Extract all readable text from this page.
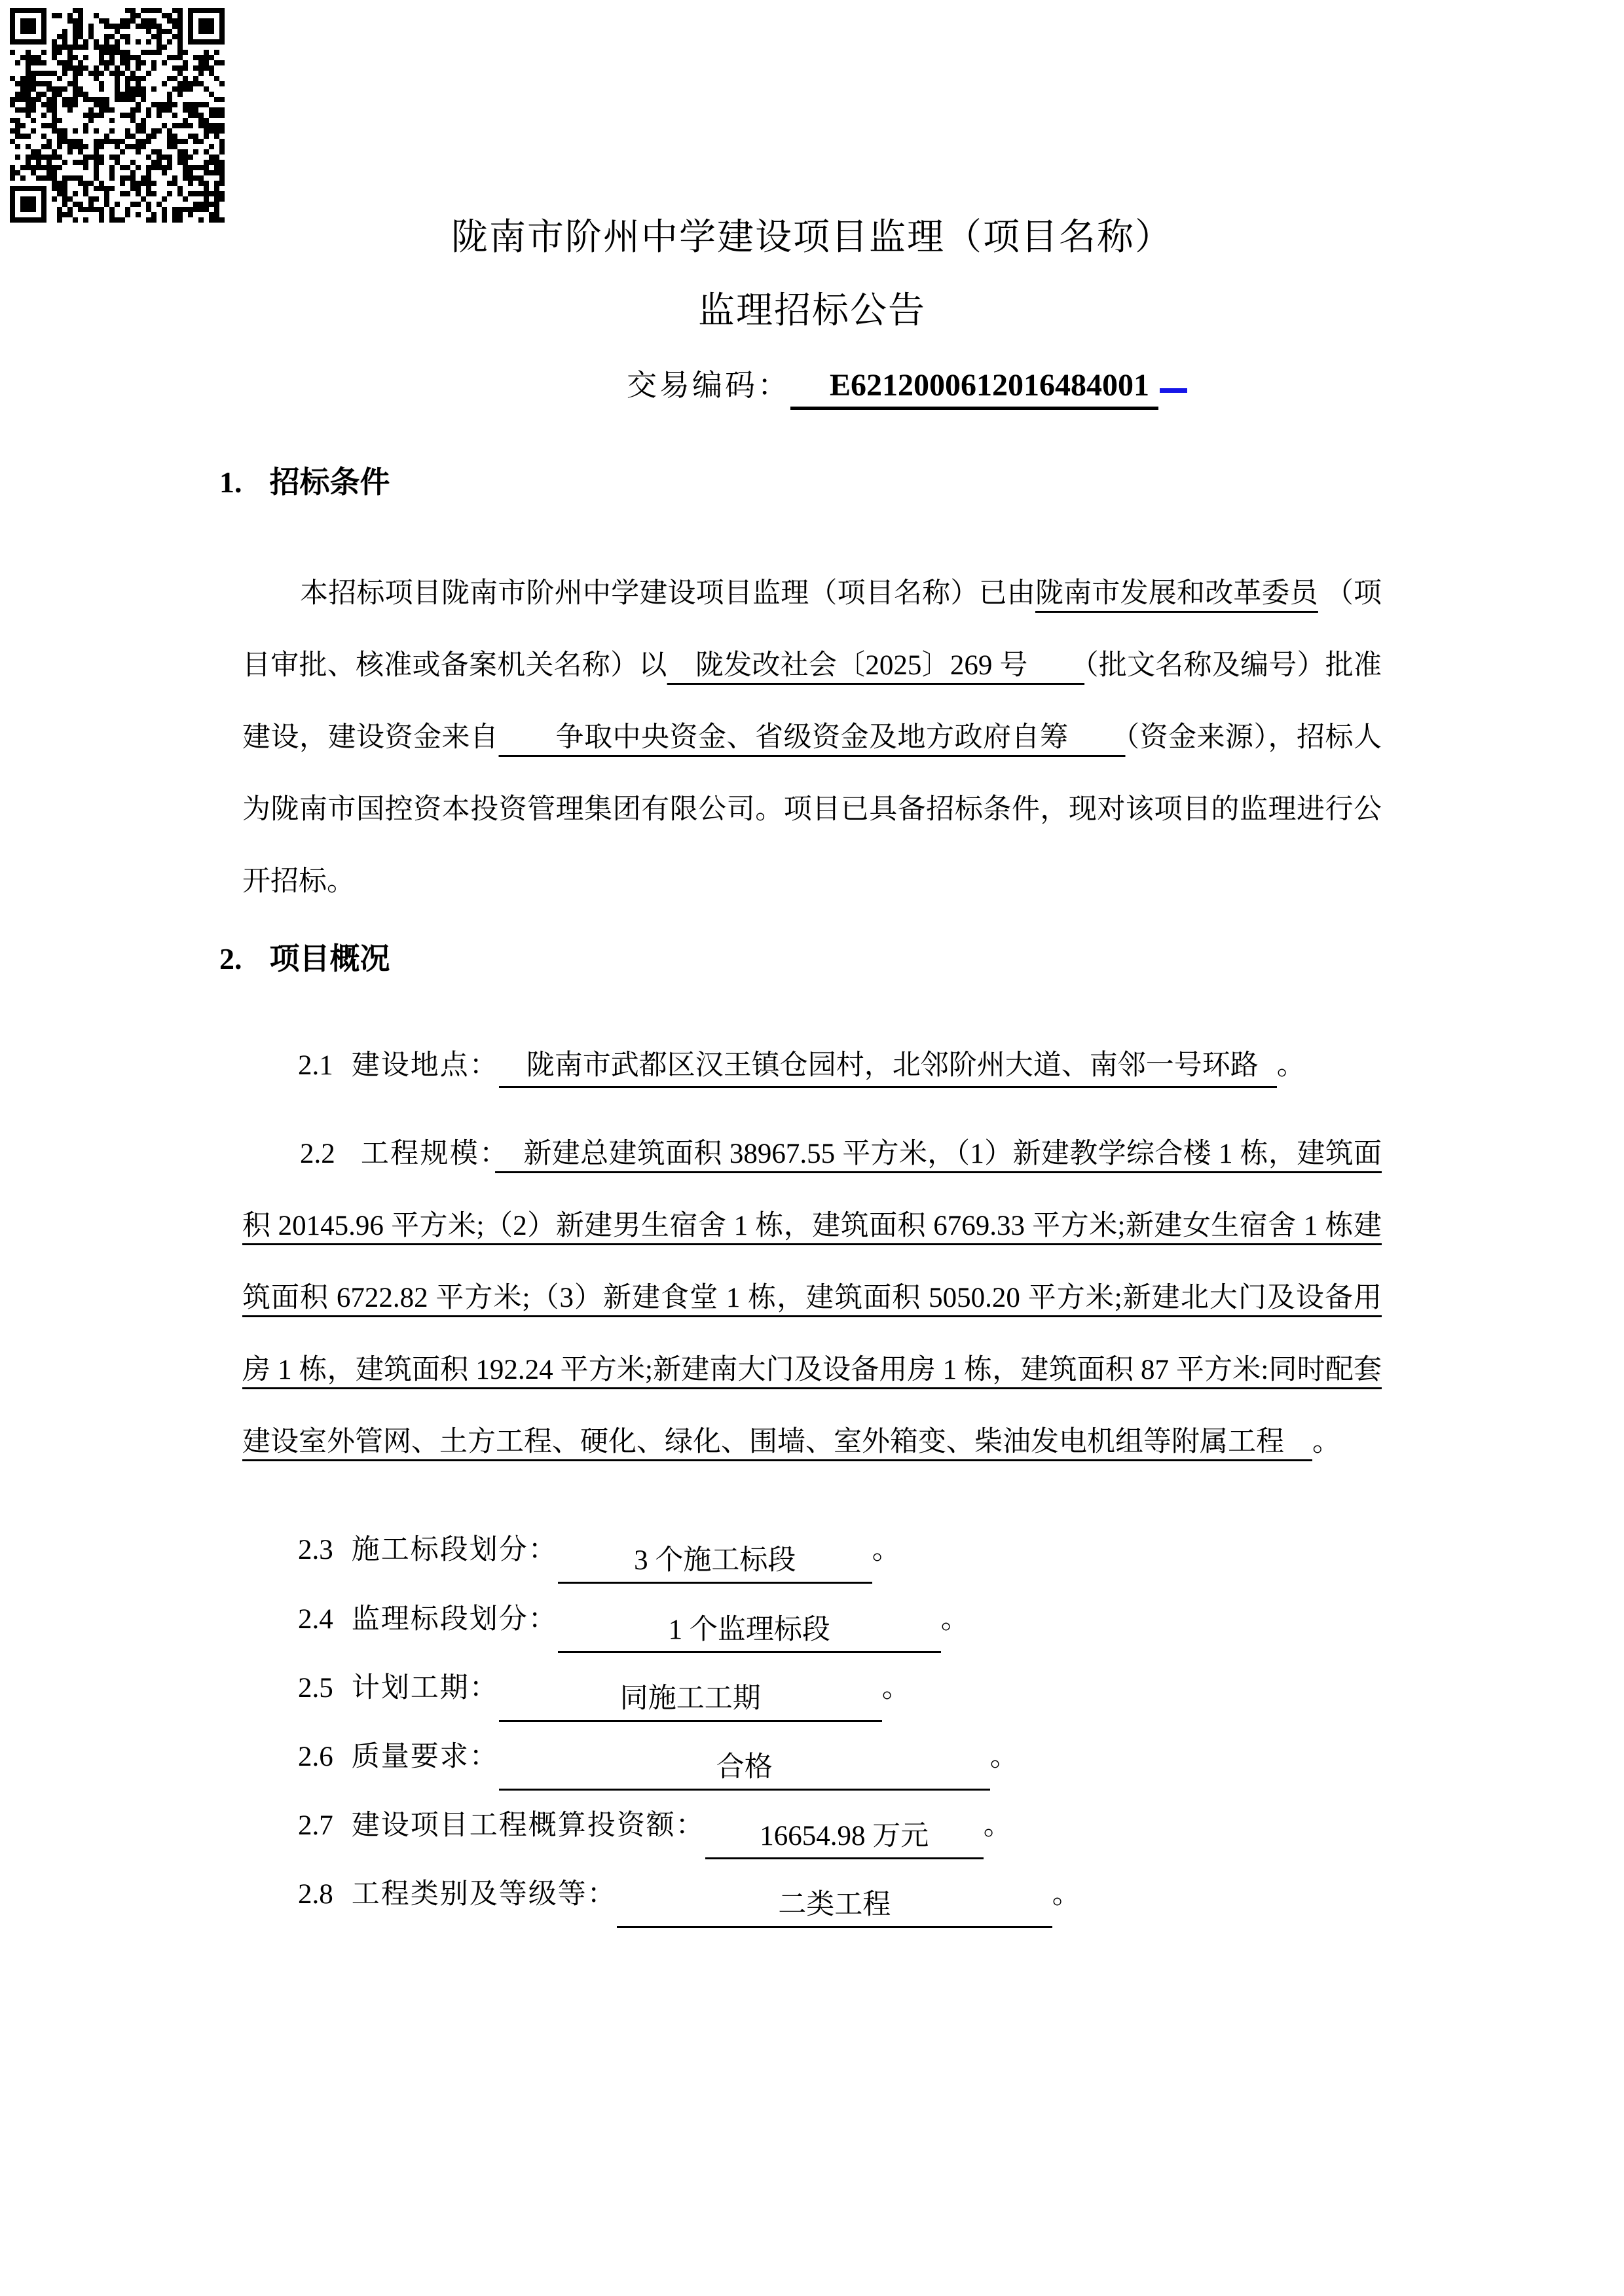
陇南市阶州中学建设项目监理（项目名称）
监理招标公告
交易编码： E6212000612016484001
1. 招标条件
本招标项目陇南市阶州中学建设项目监理（项目名称）已由陇南市发展和改革委员 （项目审批、核准或备案机关名称）以　陇发改社会〔2025〕269 号　　（批文名称及编号）批准建设，建设资金来自　　争取中央资金、省级资金及地方政府自筹　　（资金来源），招标人为陇南市国控资本投资管理集团有限公司。项目已具备招标条件，现对该项目的监理进行公开招标。
2. 项目概况
2.1 建设地点： 陇南市武都区汉王镇仓园村，北邻阶州大道、南邻一号环路 。
2.2 工程规模：　新建总建筑面积 38967.55 平方米，（1）新建教学综合楼 1 栋，建筑面积 20145.96 平方米;（2）新建男生宿舍 1 栋，建筑面积 6769.33 平方米;新建女生宿舍 1 栋建筑面积 6722.82 平方米;（3）新建食堂 1 栋，建筑面积 5050.20 平方米;新建北大门及设备用房 1 栋，建筑面积 192.24 平方米;新建南大门及设备用房 1 栋，建筑面积 87 平方米:同时配套建设室外管网、土方工程、硬化、绿化、围墙、室外箱变、柴油发电机组等附属工程　。
2.3 施工标段划分：	3 个施工标段	。
2.4 监理标段划分：	1 个监理标段	。
2.5 计划工期：	同施工工期	。
2.6 质量要求：	合格	。
2.7 建设项目工程概算投资额： 16654.98 万元 。
2.8 工程类别及等级等：	二类工程	。
